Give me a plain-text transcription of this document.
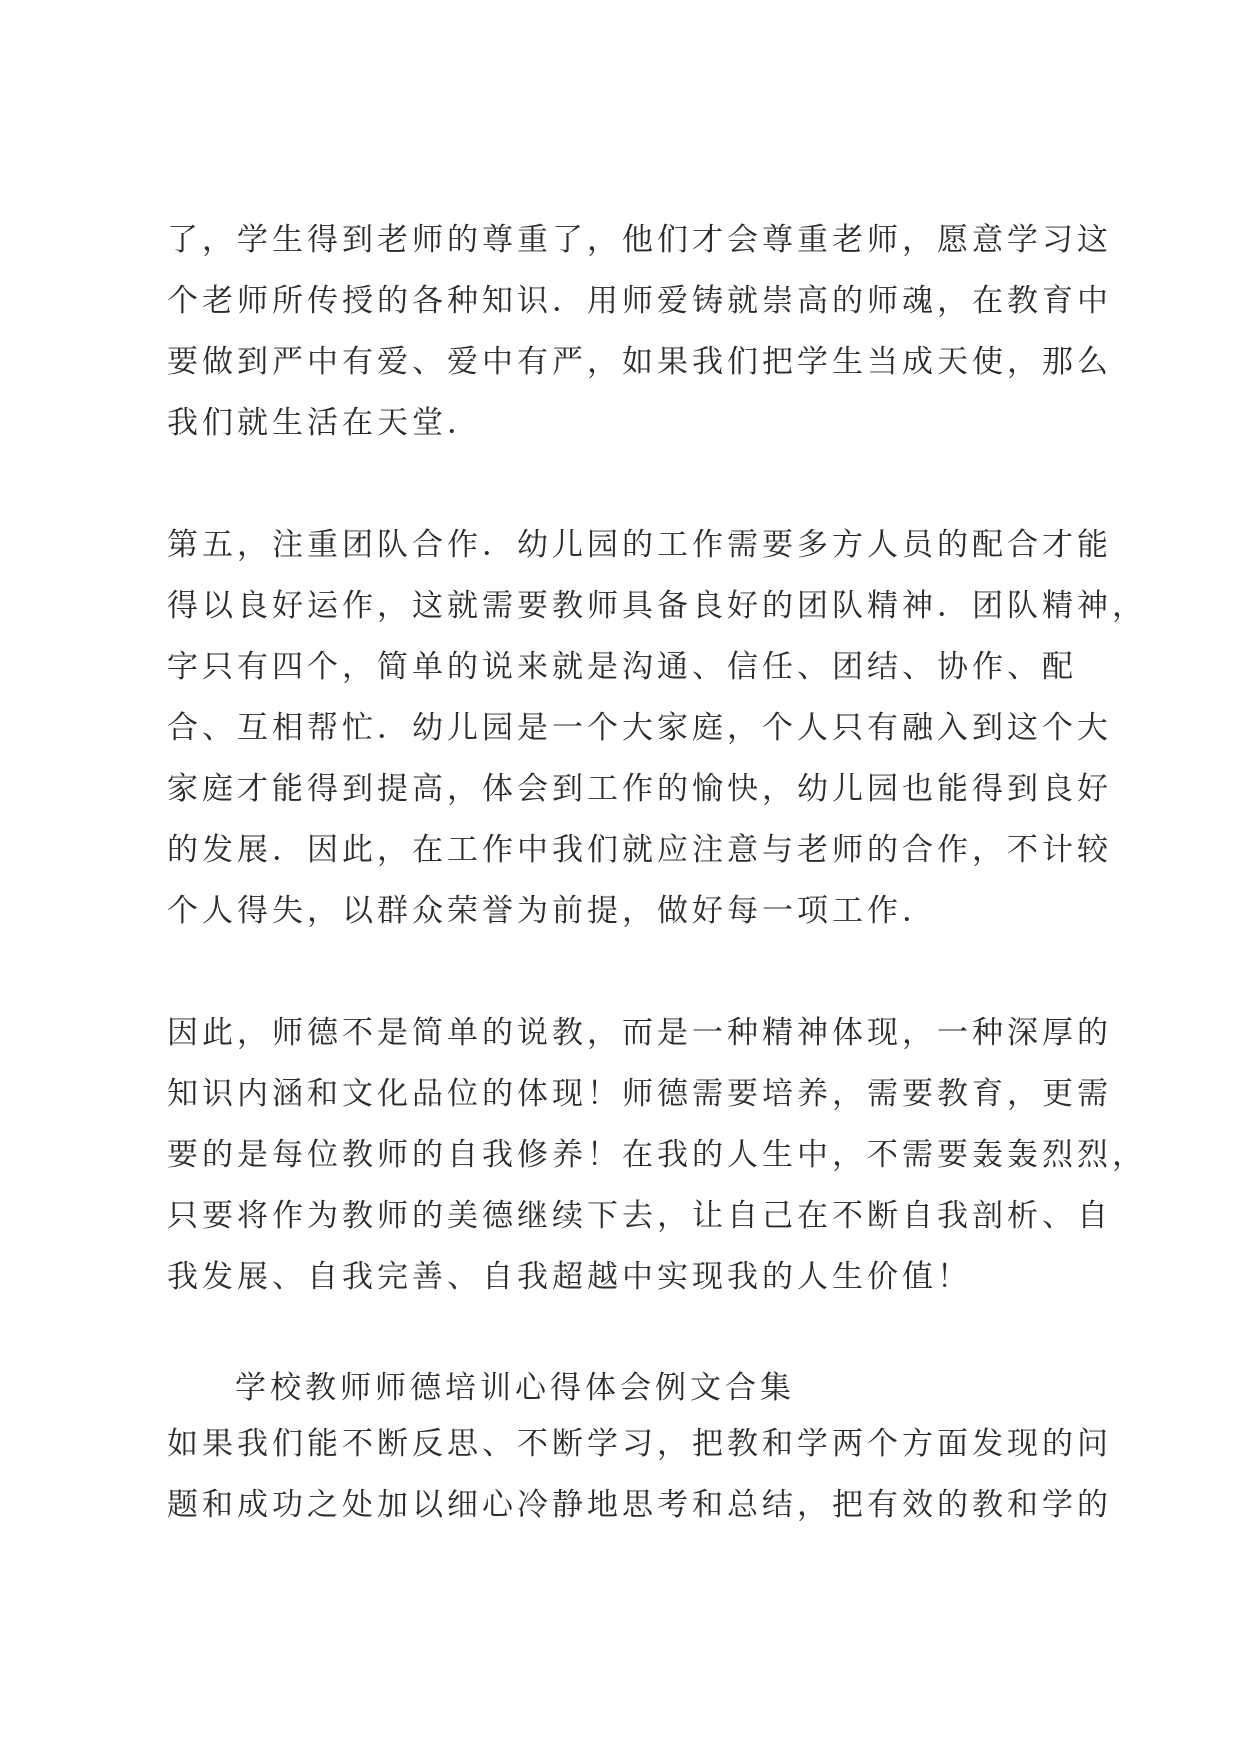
了，学生得到老师的尊重了，他们才会尊重老师，愿意学习这

个老师所传授的各种知识．用师爱铸就崇高的师魂，在教育中

要做到严中有爱、爱中有严，如果我们把学生当成天使，那么

我们就生活在天堂．

第五，注重团队合作．幼儿园的工作需要多方人员的配合才能

得以良好运作，这就需要教师具备良好的团队精神．团队精神，

字只有四个，简单的说来就是沟通、信任、团结、协作、配

合、互相帮忙．幼儿园是一个大家庭，个人只有融入到这个大

家庭才能得到提高，体会到工作的愉快，幼儿园也能得到良好

的发展．因此，在工作中我们就应注意与老师的合作，不计较

个人得失，以群众荣誉为前提，做好每一项工作．

因此，师德不是简单的说教，而是一种精神体现，一种深厚的

知识内涵和文化品位的体现！师德需要培养，需要教育，更需

要的是每位教师的自我修养！在我的人生中，不需要轰轰烈烈，

只要将作为教师的美德继续下去，让自己在不断自我剖析、自

我发展、自我完善、自我超越中实现我的人生价值！

学校教师师德培训心得体会例文合集

如果我们能不断反思、不断学习，把教和学两个方面发现的问

题和成功之处加以细心冷静地思考和总结，把有效的教和学的
